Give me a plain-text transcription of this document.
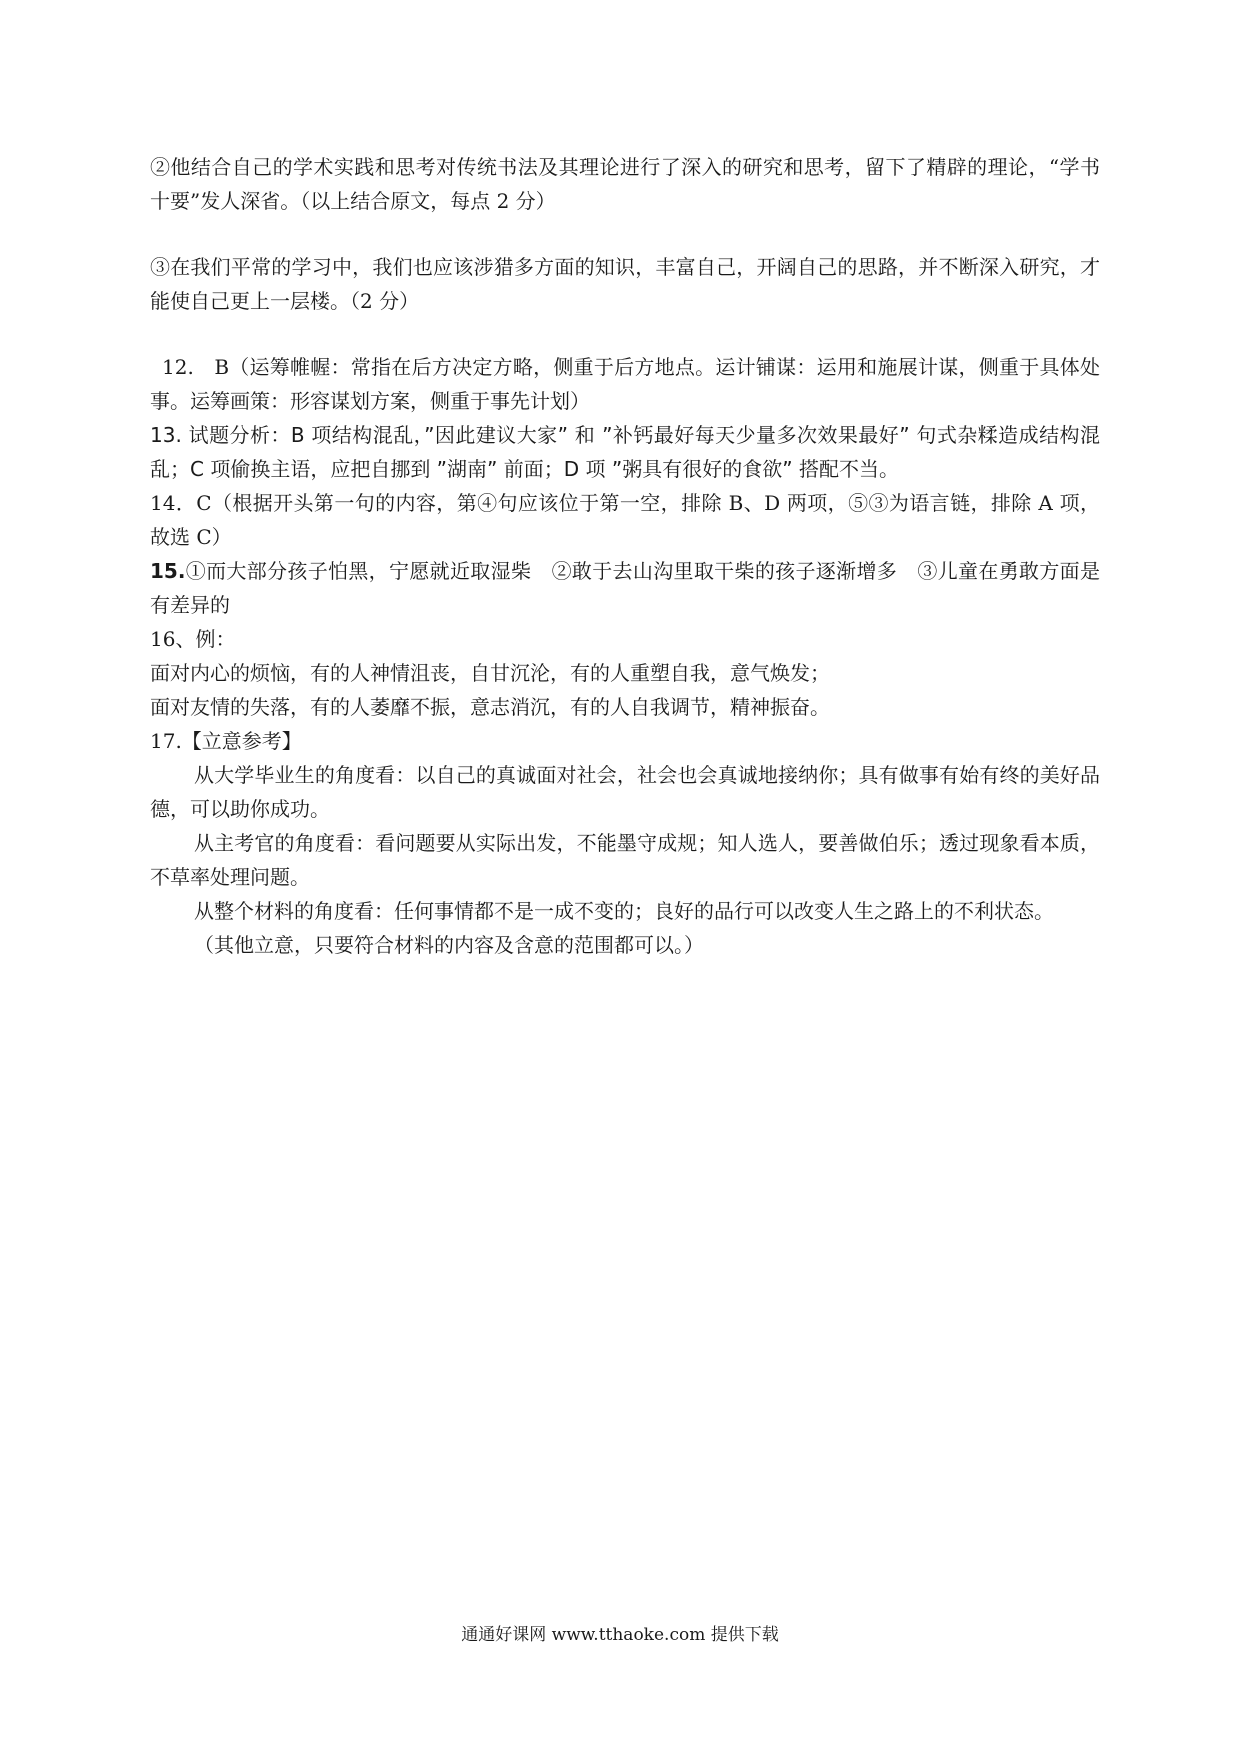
②他结合自己的学术实践和思考对传统书法及其理论进行了深入的研究和思考，留下了精辟的理论，“学书十要”发人深省。（以上结合原文，每点 2 分）

③在我们平常的学习中，我们也应该涉猎多方面的知识，丰富自己，开阔自己的思路，并不断深入研究，才能使自己更上一层楼。（2 分）

12.　B（运筹帷幄：常指在后方决定方略，侧重于后方地点。运计铺谋：运用和施展计谋，侧重于具体处事。运筹画策：形容谋划方案，侧重于事先计划）

13. 试题分析：B 项结构混乱，”因此建议大家” 和 ”补钙最好每天少量多次效果最好” 句式杂糅造成结构混乱；C 项偷换主语，应把自挪到 ”湖南” 前面；D 项 ”粥具有很好的食欲” 搭配不当。

14．C（根据开头第一句的内容，第④句应该位于第一空，排除 B、D 两项，⑤③为语言链，排除 A 项，故选 C）

15.①而大部分孩子怕黑，宁愿就近取湿柴　②敢于去山沟里取干柴的孩子逐渐增多　③儿童在勇敢方面是有差异的

16、例：

面对内心的烦恼，有的人神情沮丧，自甘沉沦，有的人重塑自我，意气焕发；

面对友情的失落，有的人萎靡不振，意志消沉，有的人自我调节，精神振奋。

17.【立意参考】

从大学毕业生的角度看：以自己的真诚面对社会，社会也会真诚地接纳你；具有做事有始有终的美好品德，可以助你成功。

从主考官的角度看：看问题要从实际出发，不能墨守成规；知人选人，要善做伯乐；透过现象看本质，不草率处理问题。

从整个材料的角度看：任何事情都不是一成不变的；良好的品行可以改变人生之路上的不利状态。

（其他立意，只要符合材料的内容及含意的范围都可以。）

通通好课网 www.tthaoke.com 提供下载
